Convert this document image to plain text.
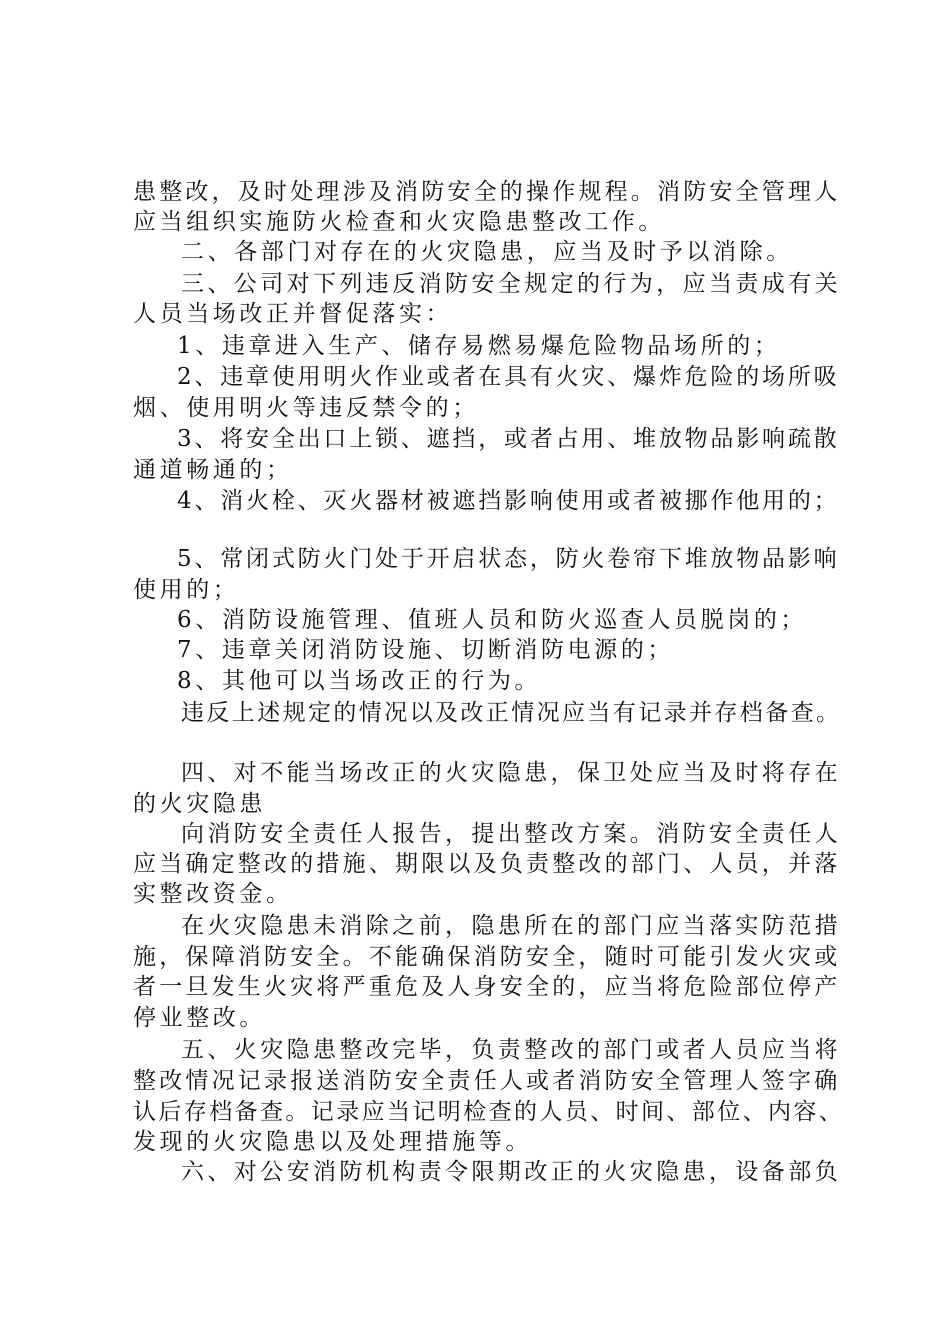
患整改，及时处理涉及消防安全的操作规程。消防安全管理人
应当组织实施防火检查和火灾隐患整改工作。
二、各部门对存在的火灾隐患，应当及时予以消除。
三、公司对下列违反消防安全规定的行为，应当责成有关
人员当场改正并督促落实：
1、违章进入生产、储存易燃易爆危险物品场所的；
2、违章使用明火作业或者在具有火灾、爆炸危险的场所吸
烟、使用明火等违反禁令的；
3、将安全出口上锁、遮挡，或者占用、堆放物品影响疏散
通道畅通的；
4、消火栓、灭火器材被遮挡影响使用或者被挪作他用的；
5、常闭式防火门处于开启状态，防火卷帘下堆放物品影响
使用的；
6、消防设施管理、值班人员和防火巡查人员脱岗的；
7、违章关闭消防设施、切断消防电源的；
8、其他可以当场改正的行为。
违反上述规定的情况以及改正情况应当有记录并存档备查。
四、对不能当场改正的火灾隐患，保卫处应当及时将存在
的火灾隐患
向消防安全责任人报告，提出整改方案。消防安全责任人
应当确定整改的措施、期限以及负责整改的部门、人员，并落
实整改资金。
在火灾隐患未消除之前，隐患所在的部门应当落实防范措
施，保障消防安全。不能确保消防安全，随时可能引发火灾或
者一旦发生火灾将严重危及人身安全的，应当将危险部位停产
停业整改。
五、火灾隐患整改完毕，负责整改的部门或者人员应当将
整改情况记录报送消防安全责任人或者消防安全管理人签字确
认后存档备查。记录应当记明检查的人员、时间、部位、内容、
发现的火灾隐患以及处理措施等。
六、对公安消防机构责令限期改正的火灾隐患，设备部负
